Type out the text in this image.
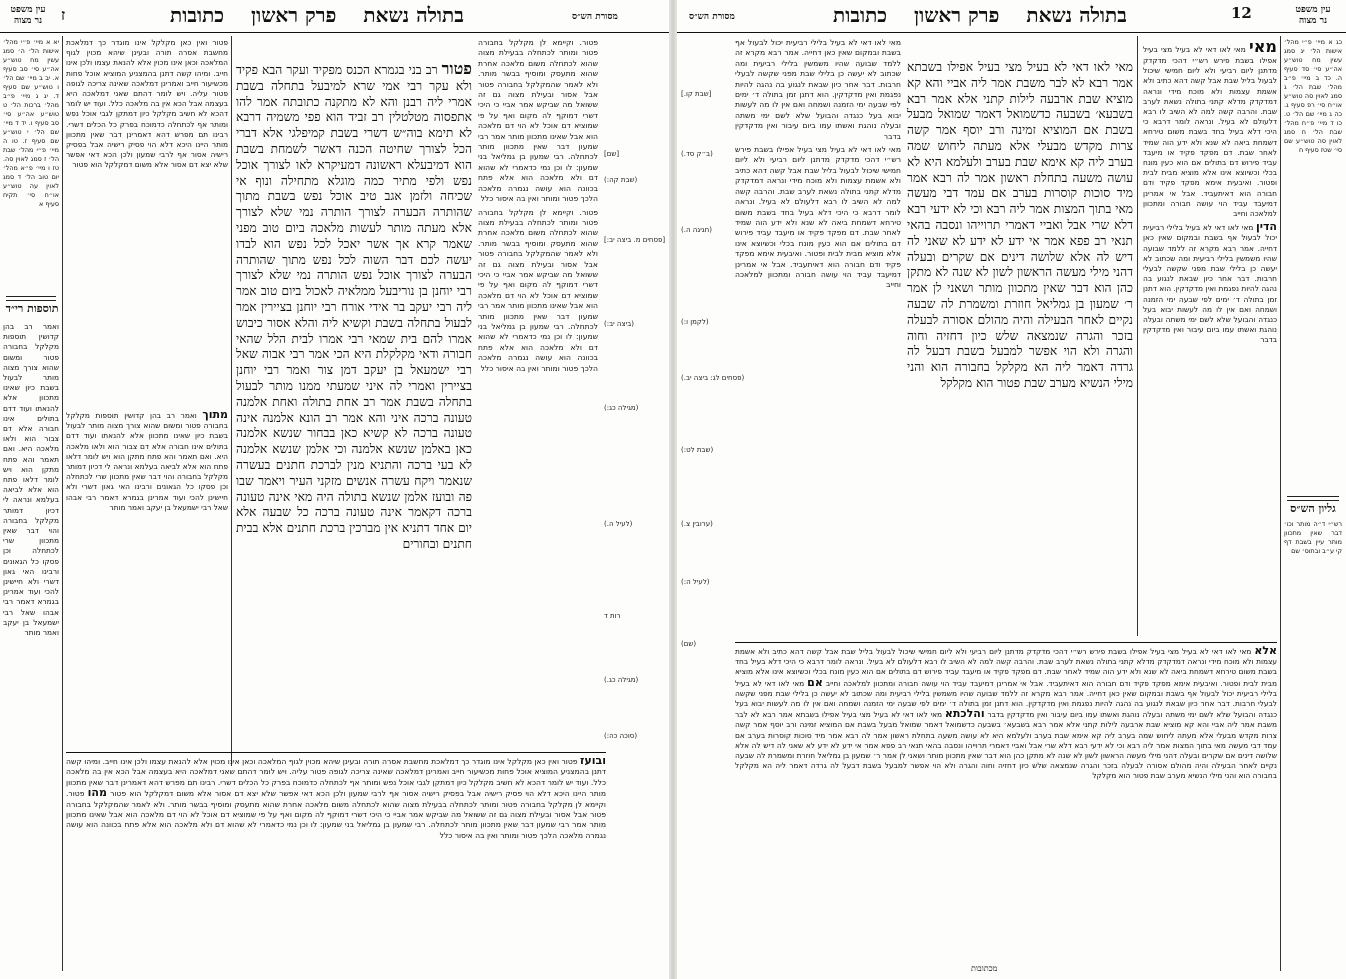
עין משפט
נר מצוה	ז	בתולה נשאת פרק ראשון כתובות	מסורת הש״ס

יא א מיי׳ פ״י מהל׳ אישות הל׳ ה׳ סמג עשין מח טוש״ע אה״ע סי׳ סב סעיף א. יב ב מיי׳ שם הל׳ ו טוש״ע שם סעיף ד. יג ג מיי׳ פ״ב מהל׳ ברכות הל׳ ט טוש״ע אה״ע סי׳ סב סעיף ו. יד ד מיי׳ שם הל׳ י טוש״ע שם סעיף ז. טו ה מיי׳ פ״י מהל׳ שבת הל׳ ז סמג לאוין סה. טז ו מיי׳ פ״א מהל׳ יום טוב הל׳ ד סמג לאוין עה טוש״ע או״ח סי׳ תקיח סעיף א

תוספות רי״ד

ואמר רב בהן קדושין תוספות מקלקל בחבורה פטור ומשום שהוא צורך מצוה מותר לבעול בשבת כיון שאינו מתכוון אלא להנאתו ועוד דדם בתולים אינו חבורה אלא דם צבור הוא ולאו מלאכה היא. ואם תאמר והא פתח מתקן הוא ויש לומר דלאו פתח הוא אלא לביאה בעלמא ונראה לי דכיון דמותר מקלקל בחבורה והוי דבר שאין מתכוון שרי לכתחלה וכן פסקו כל הגאונים ורבינו האי גאון דשרי ולא חיישינן להכי ועוד אמרינן בגמרא דאמר רבי אבהו שאל רבי ישמעאל בן יעקב ואמר מותר

פטור ואין כאן מקלקל אינו מוגדר כך דמלאכת מחשבת אסרה תורה ובעינן שיהא מכוין לגוף המלאכה וכאן אינו מכוין אלא להנאת עצמו ולכן אינו חייב. ומיהו קשה דתנן בהמצניע המוציא אוכל פחות מכשיעור חייב ואמרינן דמלאכה שאינה צריכה לגופה פטור עליה. ויש לומר דהתם שאני דמלאכה היא בעצמה אבל הכא אין בה מלאכה כלל. ועוד יש לומר דהכא לא חשיב מקלקל כיון דמתקן לגבי אוכל נפש ומותר אף לכתחלה כדמוכח בפרק כל הכלים דשרי. רבינו תם מפרש דהא דאמרינן דבר שאין מתכוון מותר היינו היכא דלא הוי פסיק רישיה אבל בפסיק רישיה אסור אף לרבי שמעון ולכן הכא דאי אפשר שלא יצא דם אסור אלא משום דמקלקל הוא פטור

מתוך ואמר רב בהן קדושין תוספות מקלקל בחבורה פטור ומשום שהוא צורך מצוה מותר לבעול בשבת כיון שאינו מתכוון אלא להנאתו ועוד דדם בתולים אינו חבורה אלא דם צבור הוא ולאו מלאכה היא. ואם תאמר והא פתח מתקן הוא ויש לומר דלאו פתח הוא אלא לביאה בעלמא ונראה לי דכיון דמותר מקלקל בחבורה והוי דבר שאין מתכוון שרי לכתחלה וכן פסקו כל הגאונים ורבינו האי גאון דשרי ולא חיישינן להכי ועוד אמרינן בגמרא דאמר רבי אבהו שאל רבי ישמעאל בן יעקב ואמר מותר

פטור רב בני בגמרא הכנס מפקיד ועקר הבא פקיד ולא עקר רבי אמי שרא למיבעל בתחלה בשבת אמרי ליה רבנן והא לא מתקנה כתובתה אמר להו אתפסוה מטלטלין רב זביד הוא פפי משמיה דרבא לא תימא בוה״ש דשרי בשבת קמיפלגי אלא דברי הכל לצורך שחיטה הכנה דאשר לשמחת בשבת הוא דמיבעלא ראשונה דמעיקרא לאו לצורך אוכל נפש ולפי מתיר כמה מוגלא מתחילה ונוף אי שכיחה ולזמן אגב טיב אוכל נפש בשבת מתוך שהותרה הבערה לצורך הותרה נמי שלא לצורך אלא מעתה מותר לעשות מלאכה ביום טוב מפני שאמר קרא אך אשר יאכל לכל נפש הוא לבדו יעשה לכם דבר השוה לכל נפש מתוך שהותרה הבערה לצורך אוכל נפש הותרה נמי שלא לצורך רבי יוחנן בן נוריבעל ממלאיה לאכול ביום טוב אמר ליה רבי יעקב בר אידי אורח רבי יוחנן בציירין אמר לבעול בתחלה בשבת וקשיא ליה והלא אסור כיבוש אמרו להם בית שמאי רבי אמרו לבית הלל שהאי חבורה ודאי מקלקלת היא הכי אמר רבי אבוה שאל רבי ישמעאל בן יעקב דמן צור ואמר רבי יוחנן בציירין ואמרי לה איני שמעתי ממנו מותר לבעול בתחלה בשבת אמר רב אחת בתולה ואחת אלמנה טעונה ברכה איני והא אמר רב הונא אלמנה אינה טעונה ברכה לא קשיא כאן בבחור שנשא אלמנה כאן באלמן שנשא אלמנה וכי אלמן שנשא אלמנה לא בעי ברכה והתניא מנין לברכת חתנים בעשרה שנאמר ויקח עשרה אנשים מזקני העיר ויאמר שבו פה ובועז אלמן שנשא בתולה היה מאי אינה טעונה ברכה דקאמר אינה טעונה ברכה כל שבעה אלא יום אחד דתניא אין מברכין ברכת חתנים אלא בבית חתנים ובחורים

פטור. וקיימא לן מקלקל בחבורה פטור ומותר לכתחלה בבעילת מצוה שהוא לכתחלה משום מלאכה אחרת שהוא מתעסק ומוסיף בבשר מותר. ולא לאמר שהמקלקל בחבורה פטור אבל אסור ובעילת מצוה גם זה ששואל מה שביקש אמר אביי כי היכי דשרי דמוקף לה מקום ואף על פי שמוציא דם אוכל לא הוי דם מלאכה הוא אבל שאינו מתכוון מותר אמר רבי שמעון דבר שאין מתכוון מותר לכתחלה. רבי שמעון בן גמליאל בני שמעון: לו וכן נמי כדאמרי לא שהוא דם ולא מלאכה הוא אלא פתח בכוונה הוא עושה נגמרה מלאכה הלכך פטור ומותר ואין בה איסור כלל

פטור. וקיימא לן מקלקל בחבורה פטור ומותר לכתחלה בבעילת מצוה שהוא לכתחלה משום מלאכה אחרת שהוא מתעסק ומוסיף בבשר מותר. ולא לאמר שהמקלקל בחבורה פטור אבל אסור ובעילת מצוה גם זה ששואל מה שביקש אמר אביי כי היכי דשרי דמוקף לה מקום ואף על פי שמוציא דם אוכל לא הוי דם מלאכה הוא אבל שאינו מתכוון מותר אמר רבי שמעון דבר שאין מתכוון מותר לכתחלה. רבי שמעון בן גמליאל בני שמעון: לו וכן נמי כדאמרי לא שהוא דם ולא מלאכה הוא אלא פתח בכוונה הוא עושה נגמרה מלאכה הלכך פטור ומותר ואין בה איסור כלל

[שם]
(שבת קה:)
[פסחים מ. ביצה יב:]
(ביצה יב:)
(מגילה כג:)
(לעיל ה.)
רות ד
(מגילה כג.)
(סוכה כה:)

ובועז פטור ואין כאן מקלקל אינו מוגדר כך דמלאכת מחשבת אסרה תורה ובעינן שיהא מכוין לגוף המלאכה וכאן אינו מכוין אלא להנאת עצמו ולכן אינו חייב. ומיהו קשה דתנן בהמצניע המוציא אוכל פחות מכשיעור חייב ואמרינן דמלאכה שאינה צריכה לגופה פטור עליה. ויש לומר דהתם שאני דמלאכה היא בעצמה אבל הכא אין בה מלאכה כלל. ועוד יש לומר דהכא לא חשיב מקלקל כיון דמתקן לגבי אוכל נפש ומותר אף לכתחלה כדמוכח בפרק כל הכלים דשרי. רבינו תם מפרש דהא דאמרינן דבר שאין מתכוון מותר היינו היכא דלא הוי פסיק רישיה אבל בפסיק רישיה אסור אף לרבי שמעון ולכן הכא דאי אפשר שלא יצא דם אסור אלא משום דמקלקל הוא פטור מהו פטור. וקיימא לן מקלקל בחבורה פטור ומותר לכתחלה בבעילת מצוה שהוא לכתחלה משום מלאכה אחרת שהוא מתעסק ומוסיף בבשר מותר. ולא לאמר שהמקלקל בחבורה פטור אבל אסור ובעילת מצוה גם זה ששואל מה שביקש אמר אביי כי היכי דשרי דמוקף לה מקום ואף על פי שמוציא דם אוכל לא הוי דם מלאכה הוא אבל שאינו מתכוון מותר אמר רבי שמעון דבר שאין מתכוון מותר לכתחלה. רבי שמעון בן גמליאל בני שמעון: לו וכן נמי כדאמרי לא שהוא דם ולא מלאכה הוא אלא פתח בכוונה הוא עושה נגמרה מלאכה הלכך פטור ומותר ואין בה איסור כלל

12	עין משפט
נר מצוה
מסורת הש״ס	בתולה נשאת פרק ראשון כתובות

כג א מיי׳ פ״י מהל׳ אישות הל׳ יג סמג עשין מח טוש״ע אה״ע סי׳ סד סעיף ה. כד ב מיי׳ פ״ב מהל׳ שבת הל׳ ג סמג לאוין סה טוש״ע או״ח סי׳ רפ סעיף ג. כה ג מיי׳ שם הל׳ ט. כו ד מיי׳ פ״ח מהל׳ שבת הל׳ ח סמג לאוין סה טוש״ע שם סי׳ שטז סעיף ח

גליון הש״ס

רש״י ד״ה מותר וכו׳ דבר שאין מתכוון מותר עיין בשבת דף קי ע״ב ובתוס׳ שם

[שבת קו.]
(ב״ק סד.)
(חגיגה ה.)
(לקמן ו:)
(פסחים לג: ביצה יב.)
(שבת לט:)
(ערובין צ.)
(לעיל ה:)
(שם)

מאי לאו דאי לא בעיל בלילי רביעית יכול לבעול אף בשבת ובמקום שאין כאן דחייה. אמר רבא מקרא זה ללמד שבועה שהיו משמשין בלילי רביעית ומה שכתוב לא יעשה כן בלילי שבת מפני שקשה לבעלי חרבות. דבר אחר כיון שבאת לנגוע בה נהגה להיות נפגמת ואין מדקדקין. הוא דתנן זמן בתולה ד׳ ימים לפי שבעה ימי הזמנה ושמחה ואם אין לו מה לעשות יבוא בעל כנגדה והבועל שלא לשם ימי משתה ובעלה נוהגת ואשתו עמו ביום עיבור ואין מדקדקין בדבר

מאי לאו דאי לא בעיל מצי בעיל אפילו בשבת פירש רש״י דהכי מדקדק מדתנן ליום רביעי ולא ליום חמישי שיכול לבעול בליל שבת אבל קשה דהא כתיב ולא אשמת עצמות ולא מוכח מידי ונראה דמדקדק מדלא קתני בתולה נשאת לערב שבת. והרבה קשה למה לא השיב לו רבא דלעולם לא בעיל. ונראה לומר דרבא כי היכי דלא בעיל בחד בשבת משום טירחא דשמחת ביאה לא שנא ולא ידע הוה שמיד לאחר שבת. דם מפקד פקיד או מיעבד עביד פירוש דם בתולים אם הוא כעין מונח בכלי וכשיוצא אינו אלא מוציא מבית לבית ופטור. ואיבעית אימא מפקד פקיד ודם חבורה הוא דאיתעביד. אבל אי אמרינן דמיעבד עביד הוי עושה חבורה ומתכוון למלאכה וחייב

מאי לאו דאי לא בעיל מצי בעיל אפילו בשבתא אמר רבא לא לבר משבת אמר ליה אביי והא קא מוציא שבת ארבעה לילות קתני אלא אמר רבא בשבעא׳ בשבעה כדשמואל דאמר שמואל מבעל בשבת אם המוציא זמינה ורב יוסף אמר קשה צרות מקדש מבעלי אלא מעתה ליחוש שמה בערב ליה קא אימא שבת בערב ולעלמא היא לא עושה משעה בתחלת ראשון אמר לה רבא אמר מיד סוכות קוסרות בערב אם עמד דבי מעשה מאי בתוך המצות אמר ליה רבא וכי לא ידעי רבא דלא שרי אבל ואביי דאמרי תרוייהו ונסבה בהאי תנאי רב פפא אמר אי ידע לא ידע לא שאני לה דיש לה אלא שלושה דינים אם שקרים ובעלה דהני מילי מעשה הראשון לשון לא שנה לא מתקן כהן הוא דבר שאין מתכוון מותר ושאני לן אמר ר׳ שמעון בן גמליאל חוזרת ומשמרת לה שבעה נקיים לאחר הבעילה והיה מהולם אסורה לבעלה בזכר והגרה שנמצאה שלש כיון דחזיה וחוה והגרה ולא הוי אפשר למבעל בשבת דבעל לה גרדה דאמר ליה הא מקלקל בחבורה הוא והני מילי הנשיא מערב שבת פטור הוא מקלקל

מאי מאי לאו דאי לא בעיל מצי בעיל אפילו בשבת פירש רש״י דהכי מדקדק מדתנן ליום רביעי ולא ליום חמישי שיכול לבעול בליל שבת אבל קשה דהא כתיב ולא אשמת עצמות ולא מוכח מידי ונראה דמדקדק מדלא קתני בתולה נשאת לערב שבת. והרבה קשה למה לא השיב לו רבא דלעולם לא בעיל. ונראה לומר דרבא כי היכי דלא בעיל בחד בשבת משום טירחא דשמחת ביאה לא שנא ולא ידע הוה שמיד לאחר שבת. דם מפקד פקיד או מיעבד עביד פירוש דם בתולים אם הוא כעין מונח בכלי וכשיוצא אינו אלא מוציא מבית לבית ופטור. ואיבעית אימא מפקד פקיד ודם חבורה הוא דאיתעביד. אבל אי אמרינן דמיעבד עביד הוי עושה חבורה ומתכוון למלאכה וחייב

הדין מאי לאו דאי לא בעיל בלילי רביעית יכול לבעול אף בשבת ובמקום שאין כאן דחייה. אמר רבא מקרא זה ללמד שבועה שהיו משמשין בלילי רביעית ומה שכתוב לא יעשה כן בלילי שבת מפני שקשה לבעלי חרבות. דבר אחר כיון שבאת לנגוע בה נהגה להיות נפגמת ואין מדקדקין. הוא דתנן זמן בתולה ד׳ ימים לפי שבעה ימי הזמנה ושמחה ואם אין לו מה לעשות יבוא בעל כנגדה והבועל שלא לשם ימי משתה ובעלה נוהגת ואשתו עמו ביום עיבור ואין מדקדקין בדבר

אלא מאי לאו דאי לא בעיל מצי בעיל אפילו בשבת פירש רש״י דהכי מדקדק מדתנן ליום רביעי ולא ליום חמישי שיכול לבעול בליל שבת אבל קשה דהא כתיב ולא אשמת עצמות ולא מוכח מידי ונראה דמדקדק מדלא קתני בתולה נשאת לערב שבת. והרבה קשה למה לא השיב לו רבא דלעולם לא בעיל. ונראה לומר דרבא כי היכי דלא בעיל בחד בשבת משום טירחא דשמחת ביאה לא שנא ולא ידע הוה שמיד לאחר שבת. דם מפקד פקיד או מיעבד עביד פירוש דם בתולים אם הוא כעין מונח בכלי וכשיוצא אינו אלא מוציא מבית לבית ופטור. ואיבעית אימא מפקד פקיד ודם חבורה הוא דאיתעביד. אבל אי אמרינן דמיעבד עביד הוי עושה חבורה ומתכוון למלאכה וחייב אם מאי לאו דאי לא בעיל בלילי רביעית יכול לבעול אף בשבת ובמקום שאין כאן דחייה. אמר רבא מקרא זה ללמד שבועה שהיו משמשין בלילי רביעית ומה שכתוב לא יעשה כן בלילי שבת מפני שקשה לבעלי חרבות. דבר אחר כיון שבאת לנגוע בה נהגה להיות נפגמת ואין מדקדקין. הוא דתנן זמן בתולה ד׳ ימים לפי שבעה ימי הזמנה ושמחה ואם אין לו מה לעשות יבוא בעל כנגדה והבועל שלא לשם ימי משתה ובעלה נוהגת ואשתו עמו ביום עיבור ואין מדקדקין בדבר והלכתא מאי לאו דאי לא בעיל מצי בעיל אפילו בשבתא אמר רבא לא לבר משבת אמר ליה אביי והא קא מוציא שבת ארבעה לילות קתני אלא אמר רבא בשבעא׳ בשבעה כדשמואל דאמר שמואל מבעל בשבת אם המוציא זמינה ורב יוסף אמר קשה צרות מקדש מבעלי אלא מעתה ליחוש שמה בערב ליה קא אימא שבת בערב ולעלמא היא לא עושה משעה בתחלת ראשון אמר לה רבא אמר מיד סוכות קוסרות בערב אם עמד דבי מעשה מאי בתוך המצות אמר ליה רבא וכי לא ידעי רבא דלא שרי אבל ואביי דאמרי תרוייהו ונסבה בהאי תנאי רב פפא אמר אי ידע לא ידע לא שאני לה דיש לה אלא שלושה דינים אם שקרים ובעלה דהני מילי מעשה הראשון לשון לא שנה לא מתקן כהן הוא דבר שאין מתכוון מותר ושאני לן אמר ר׳ שמעון בן גמליאל חוזרת ומשמרת לה שבעה נקיים לאחר הבעילה והיה מהולם אסורה לבעלה בזכר והגרה שנמצאה שלש כיון דחזיה וחוה והגרה ולא הוי אפשר למבעל בשבת דבעל לה גרדה דאמר ליה הא מקלקל בחבורה הוא והני מילי הנשיא מערב שבת פטור הוא מקלקל

מכתובות
